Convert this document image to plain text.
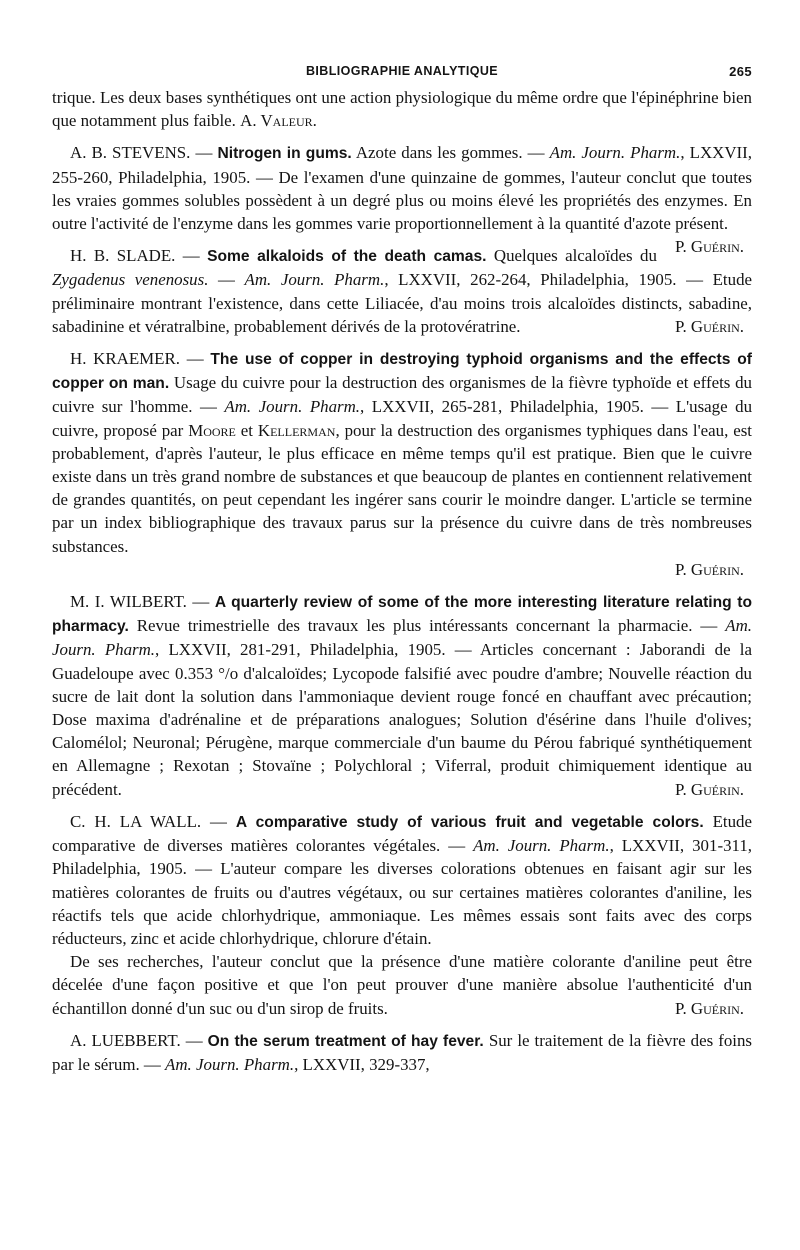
BIBLIOGRAPHIE ANALYTIQUE	265

trique. Les deux bases synthétiques ont une action physiologique du même ordre que l'épinéphrine bien que notamment plus faible. A. Valeur.

A. B. STEVENS. — Nitrogen in gums. Azote dans les gommes. — Am. Journ. Pharm., LXXVII, 255-260, Philadelphia, 1905. — De l'examen d'une quinzaine de gommes, l'auteur conclut que toutes les vraies gommes solubles possèdent à un degré plus ou moins élevé les propriétés des enzymes. En outre l'activité de l'enzyme dans les gommes varie proportionnellement à la quantité d'azote présent.
P. Guérin.

H. B. SLADE. — Some alkaloids of the death camas. Quelques alcaloïdes du Zygadenus venenosus. — Am. Journ. Pharm., LXXVII, 262-264, Philadelphia, 1905. — Etude préliminaire montrant l'existence, dans cette Liliacée, d'au moins trois alcaloïdes distincts, sabadine, sabadinine et vératralbine, probablement dérivés de la protovératrine.	P. Guérin.

H. KRAEMER. — The use of copper in destroying typhoid organisms and the effects of copper on man. Usage du cuivre pour la destruction des organismes de la fièvre typhoïde et effets du cuivre sur l'homme. — Am. Journ. Pharm., LXXVII, 265-281, Philadelphia, 1905. — L'usage du cuivre, proposé par Moore et Kellerman, pour la destruction des organismes typhiques dans l'eau, est probablement, d'après l'auteur, le plus efficace en même temps qu'il est pratique. Bien que le cuivre existe dans un très grand nombre de substances et que beaucoup de plantes en contiennent relativement de grandes quantités, on peut cependant les ingérer sans courir le moindre danger. L'article se termine par un index bibliographique des travaux parus sur la présence du cuivre dans de très nombreuses substances.
P. Guérin.

M. I. WILBERT. — A quarterly review of some of the more interesting literature relating to pharmacy. Revue trimestrielle des travaux les plus intéressants concernant la pharmacie. — Am. Journ. Pharm., LXXVII, 281-291, Philadelphia, 1905. — Articles concernant : Jaborandi de la Guadeloupe avec 0.353 °/o d'alcaloïdes; Lycopode falsifié avec poudre d'ambre; Nouvelle réaction du sucre de lait dont la solution dans l'ammoniaque devient rouge foncé en chauffant avec précaution; Dose maxima d'adrénaline et de préparations analogues; Solution d'ésérine dans l'huile d'olives; Calomélol; Neuronal; Pérugène, marque commerciale d'un baume du Pérou fabriqué synthétiquement en Allemagne ; Rexotan ; Stovaïne ; Polychloral ; Viferral, produit chimiquement identique au précédent.	P. Guérin.

C. H. LA WALL. — A comparative study of various fruit and vegetable colors. Etude comparative de diverses matières colorantes végétales. — Am. Journ. Pharm., LXXVII, 301-311, Philadelphia, 1905. — L'auteur compare les diverses colorations obtenues en faisant agir sur les matières colorantes de fruits ou d'autres végétaux, ou sur certaines matières colorantes d'aniline, les réactifs tels que acide chlorhydrique, ammoniaque. Les mêmes essais sont faits avec des corps réducteurs, zinc et acide chlorhydrique, chlorure d'étain.

De ses recherches, l'auteur conclut que la présence d'une matière colorante d'aniline peut être décelée d'une façon positive et que l'on peut prouver d'une manière absolue l'authenticité d'un échantillon donné d'un suc ou d'un sirop de fruits.	P. Guérin.

A. LUEBBERT. — On the serum treatment of hay fever. Sur le traitement de la fièvre des foins par le sérum. — Am. Journ. Pharm., LXXVII, 329-337,
